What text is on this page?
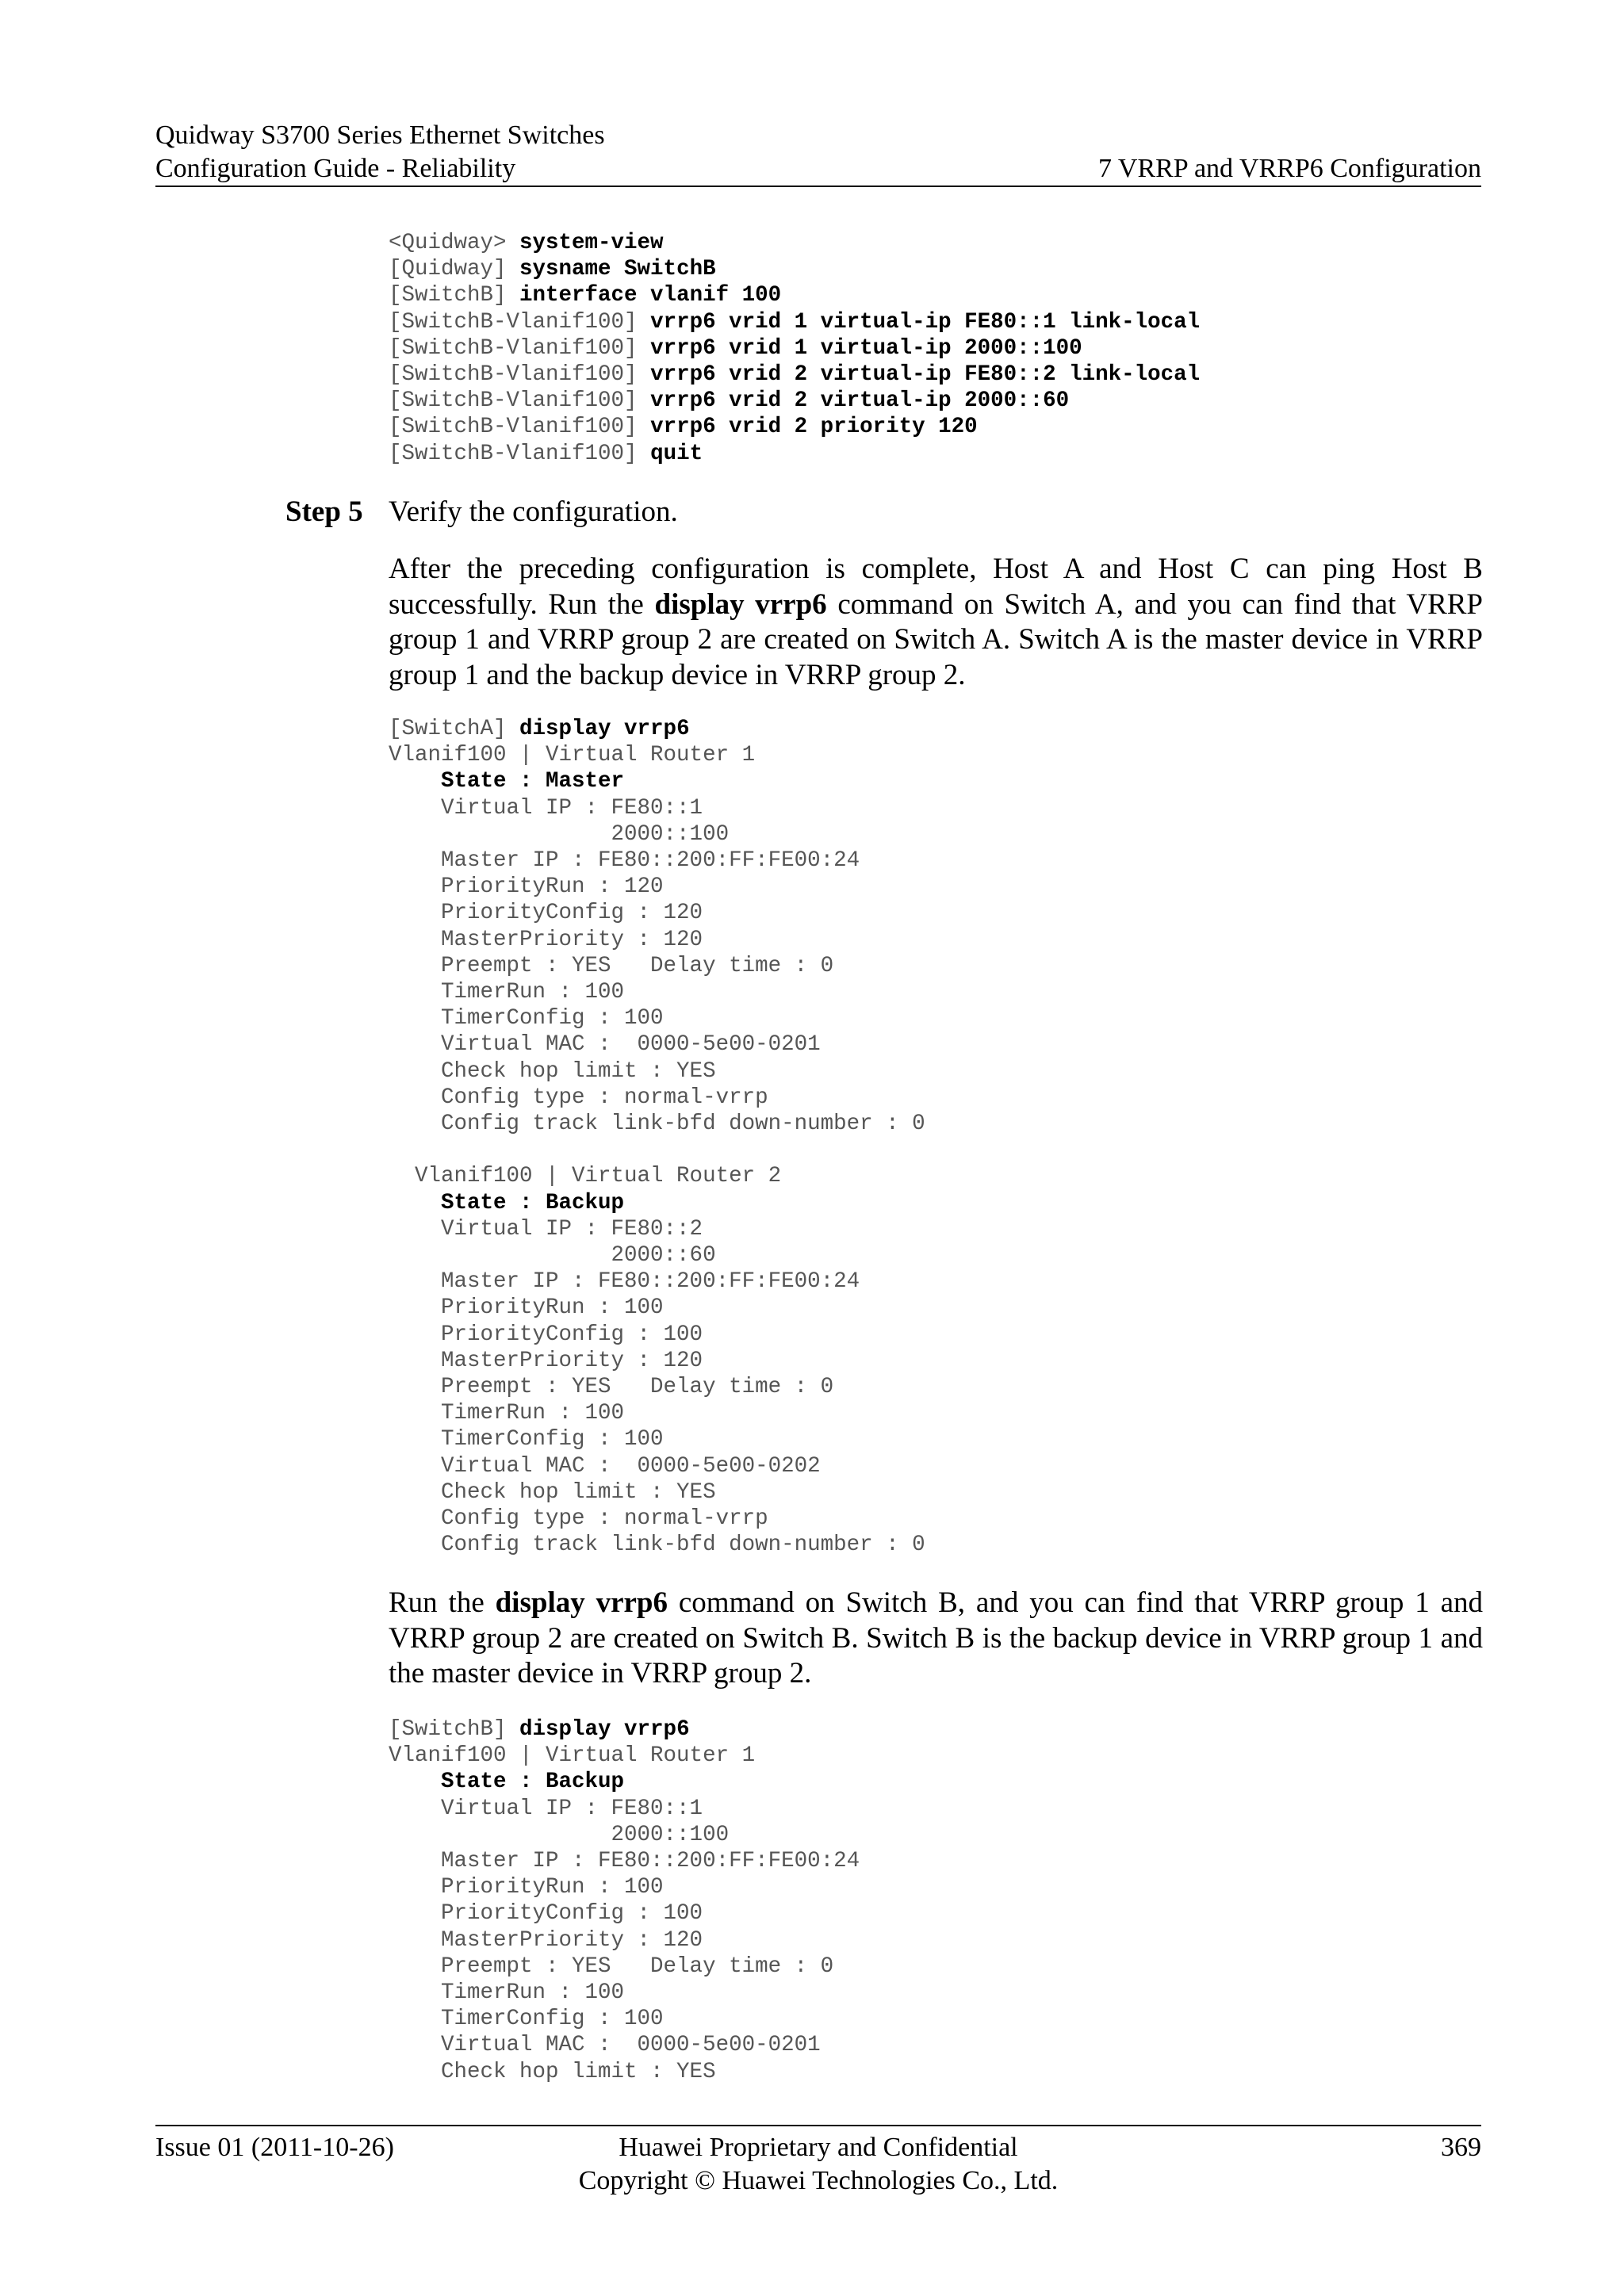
Quidway S3700 Series Ethernet Switches
Configuration Guide - Reliability	7 VRRP and VRRP6 Configuration
<Quidway> system-view
[Quidway] sysname SwitchB
[SwitchB] interface vlanif 100
[SwitchB-Vlanif100] vrrp6 vrid 1 virtual-ip FE80::1 link-local
[SwitchB-Vlanif100] vrrp6 vrid 1 virtual-ip 2000::100
[SwitchB-Vlanif100] vrrp6 vrid 2 virtual-ip FE80::2 link-local
[SwitchB-Vlanif100] vrrp6 vrid 2 virtual-ip 2000::60
[SwitchB-Vlanif100] vrrp6 vrid 2 priority 120
[SwitchB-Vlanif100] quit

Step 5 Verify the configuration.

After the preceding configuration is complete, Host A and Host C can ping Host B successfully. Run the display vrrp6 command on Switch A, and you can find that VRRP group 1 and VRRP group 2 are created on Switch A. Switch A is the master device in VRRP group 1 and the backup device in VRRP group 2.

[SwitchA] display vrrp6
Vlanif100 | Virtual Router 1
State : Master
Virtual IP : FE80::1
2000::100
Master IP : FE80::200:FF:FE00:24
PriorityRun : 120
PriorityConfig : 120
MasterPriority : 120
Preempt : YES   Delay time : 0
TimerRun : 100
TimerConfig : 100
Virtual MAC :  0000-5e00-0201
Check hop limit : YES
Config type : normal-vrrp
Config track link-bfd down-number : 0

Vlanif100 | Virtual Router 2
State : Backup
Virtual IP : FE80::2
2000::60
Master IP : FE80::200:FF:FE00:24
PriorityRun : 100
PriorityConfig : 100
MasterPriority : 120
Preempt : YES   Delay time : 0
TimerRun : 100
TimerConfig : 100
Virtual MAC :  0000-5e00-0202
Check hop limit : YES
Config type : normal-vrrp
Config track link-bfd down-number : 0

Run the display vrrp6 command on Switch B, and you can find that VRRP group 1 and VRRP group 2 are created on Switch B. Switch B is the backup device in VRRP group 1 and the master device in VRRP group 2.

[SwitchB] display vrrp6
Vlanif100 | Virtual Router 1
State : Backup
Virtual IP : FE80::1
2000::100
Master IP : FE80::200:FF:FE00:24
PriorityRun : 100
PriorityConfig : 100
MasterPriority : 120
Preempt : YES   Delay time : 0
TimerRun : 100
TimerConfig : 100
Virtual MAC :  0000-5e00-0201
Check hop limit : YES

Issue 01 (2011-10-26)	Huawei Proprietary and Confidential
Copyright © Huawei Technologies Co., Ltd.
369
